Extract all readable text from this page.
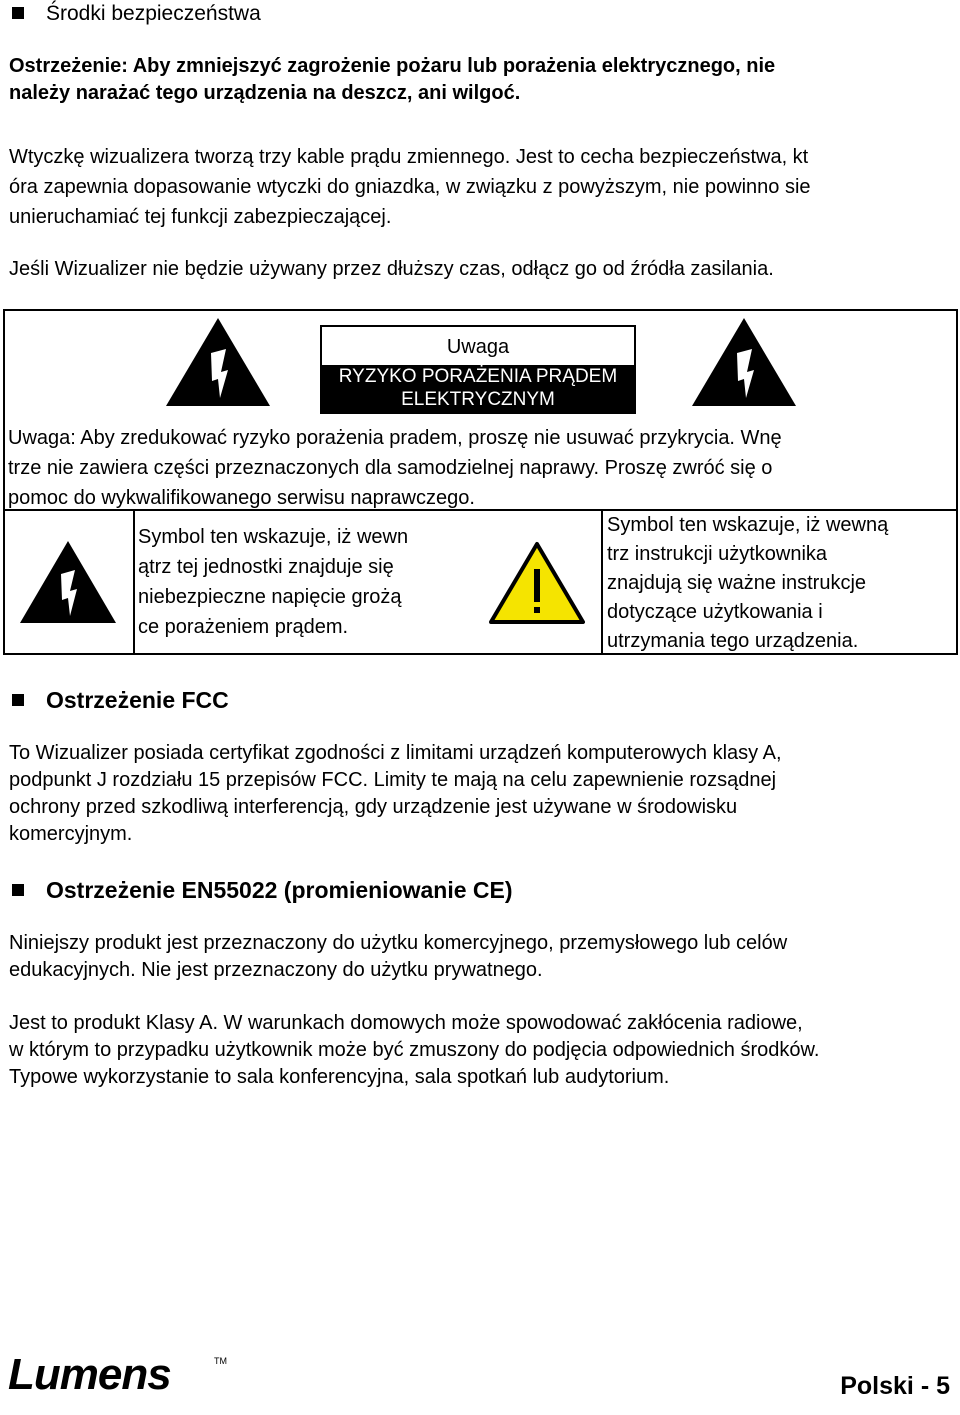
Środki bezpieczeństwa
Ostrzeżenie: Aby zmniejszyć zagrożenie pożaru lub porażenia elektrycznego, nie
należy narażać tego urządzenia na deszcz, ani wilgoć.
Wtyczkę wizualizera tworzą trzy kable prądu zmiennego. Jest to cecha bezpieczeństwa, kt
óra zapewnia dopasowanie wtyczki do gniazdka, w związku z powyższym, nie powinno sie
unieruchamiać tej funkcji zabezpieczającej.
Jeśli Wizualizer nie będzie używany przez dłuższy czas, odłącz go od źródła zasilania.
Uwaga
RYZYKO PORAŻENIA PRĄDEM
ELEKTRYCZNYM
Uwaga: Aby zredukować ryzyko porażenia pradem, proszę nie usuwać przykrycia. Wnę
trze nie zawiera części przeznaczonych dla samodzielnej naprawy. Proszę zwróć się o
pomoc do wykwalifikowanego serwisu naprawczego.
Symbol ten wskazuje, iż wewn
ątrz tej jednostki znajduje się
niebezpieczne napięcie grożą
ce porażeniem prądem.
Symbol ten wskazuje, iż wewną
trz instrukcji użytkownika
znajdują się ważne instrukcje
dotyczące użytkowania i
utrzymania tego urządzenia.
Ostrzeżenie FCC
To Wizualizer posiada certyfikat zgodności z limitami urządzeń komputerowych klasy A,
podpunkt J rozdziału 15 przepisów FCC. Limity te mają na celu zapewnienie rozsądnej
ochrony przed szkodliwą interferencją, gdy urządzenie jest używane w środowisku
komercyjnym.
Ostrzeżenie EN55022 (promieniowanie CE)
Niniejszy produkt jest przeznaczony do użytku komercyjnego, przemysłowego lub celów
edukacyjnych. Nie jest przeznaczony do użytku prywatnego.
Jest to produkt Klasy A. W warunkach domowych może spowodować zakłócenia radiowe,
w którym to przypadku użytkownik może być zmuszony do podjęcia odpowiednich środków.
Typowe wykorzystanie to sala konferencyjna, sala spotkań lub audytorium.
Lumens	TM
Polski - 5
